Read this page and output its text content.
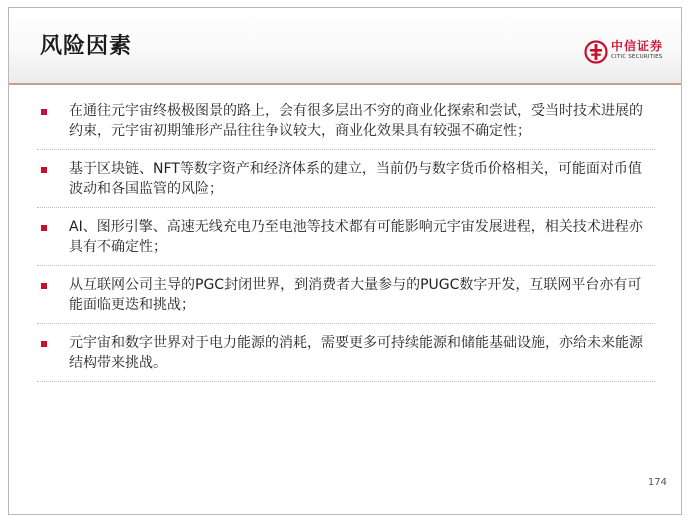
风险因素	中信证券
CITIC SECURITIES
在通往元宇宙终极极图景的路上，会有很多层出不穷的商业化探索和尝试，受当时技术进展的约束，元宇宙初期雏形产品往往争议较大，商业化效果具有较强不确定性；
基于区块链、NFT等数字资产和经济体系的建立，当前仍与数字货币价格相关，可能面对币值波动和各国监管的风险；
AI、图形引擎、高速无线充电乃至电池等技术都有可能影响元宇宙发展进程，相关技术进程亦具有不确定性；
从互联网公司主导的PGC封闭世界，到消费者大量参与的PUGC数字开发，互联网平台亦有可能面临更迭和挑战；
元宇宙和数字世界对于电力能源的消耗，需要更多可持续能源和储能基础设施，亦给未来能源结构带来挑战。
174
